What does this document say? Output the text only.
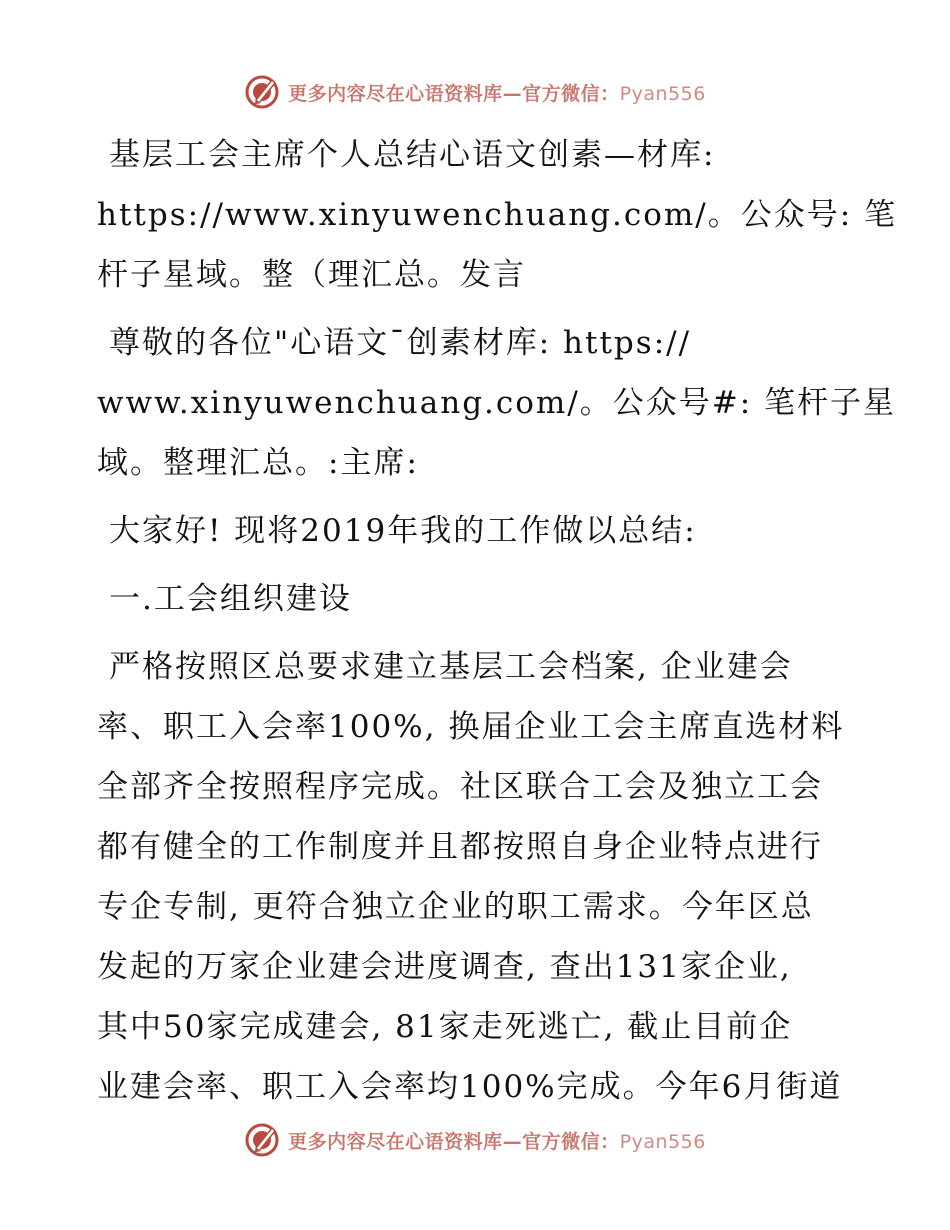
更多内容尽在心语资料库—官方微信：Pyan556

基层工会主席个人总结心语文创素—材库:
https://www.xinyuwenchuang.com/。公众号: 笔
杆子星域。整（理汇总。发言

尊敬的各位"心语文¯创素材库: https://
www.xinyuwenchuang.com/。公众号#: 笔杆子星
域。整理汇总。:主席:

大家好! 现将2019年我的工作做以总结:

一.工会组织建设

严格按照区总要求建立基层工会档案, 企业建会
率、职工入会率100%, 换届企业工会主席直选材料
全部齐全按照程序完成。社区联合工会及独立工会
都有健全的工作制度并且都按照自身企业特点进行
专企专制, 更符合独立企业的职工需求。今年区总
发起的万家企业建会进度调查, 查出131家企业,
其中50家完成建会, 81家走死逃亡, 截止目前企
业建会率、职工入会率均100%完成。今年6月街道

更多内容尽在心语资料库—官方微信：Pyan556
